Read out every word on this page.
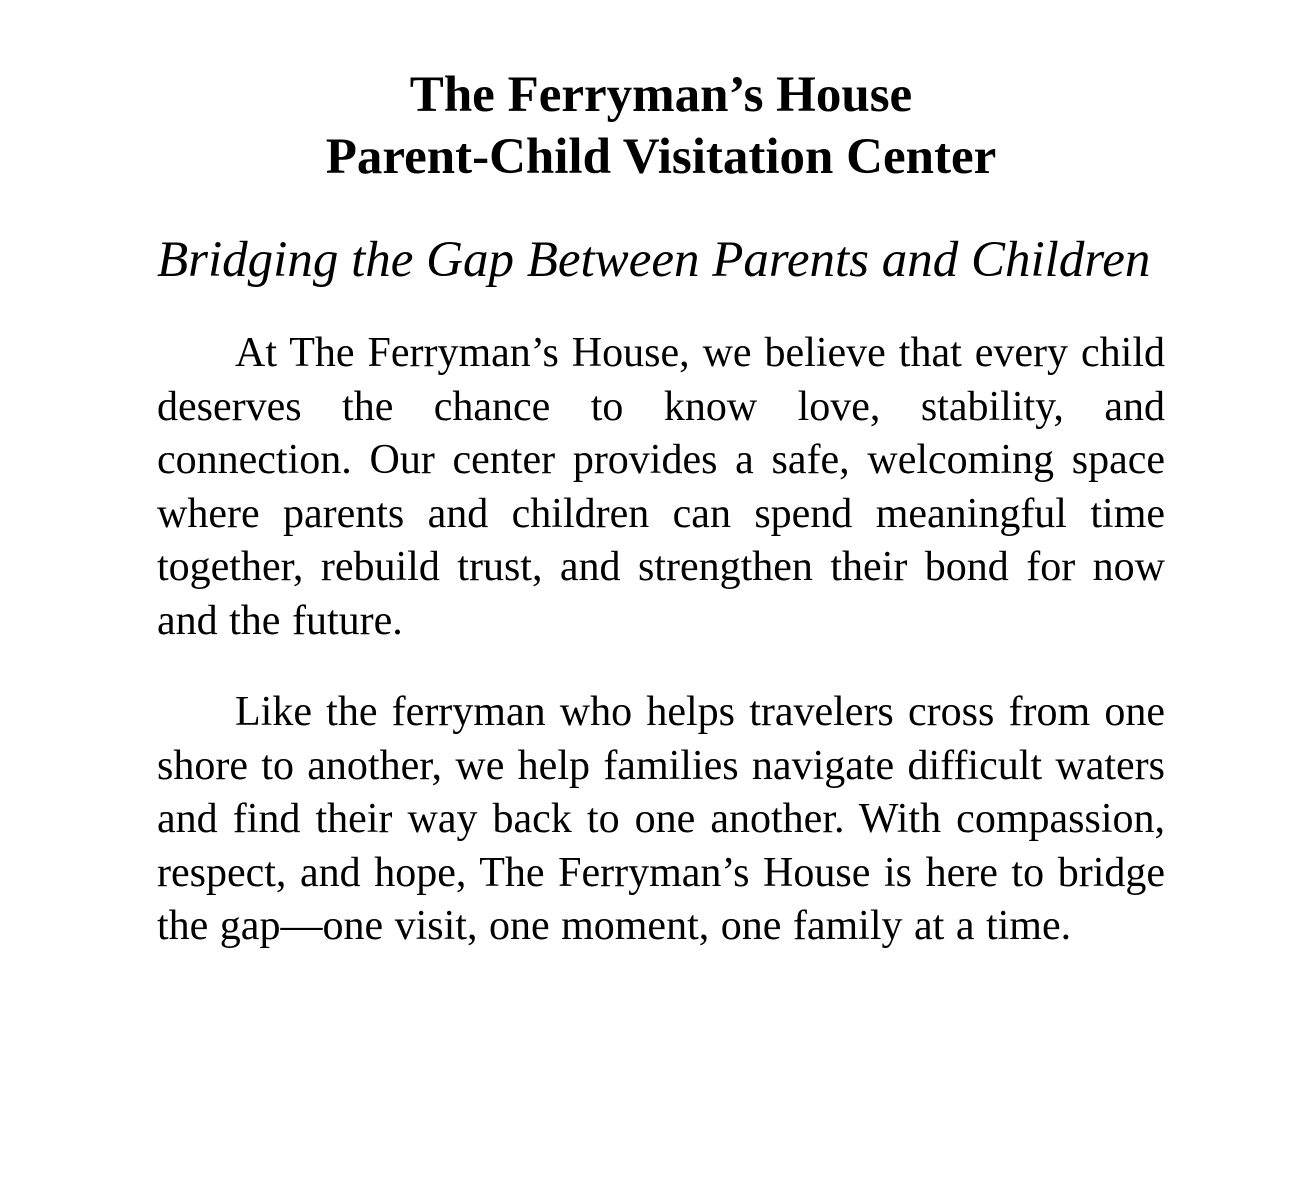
The Ferryman’s House
Parent-Child Visitation Center
Bridging the Gap Between Parents and Children

At The Ferryman’s House, we believe that every child deserves the chance to know love, stability, and connection. Our center provides a safe, welcoming space where parents and children can spend meaningful time together, rebuild trust, and strengthen their bond for now and the future.

Like the ferryman who helps travelers cross from one shore to another, we help families navigate difficult waters and find their way back to one another. With compassion, respect, and hope, The Ferryman’s House is here to bridge the gap—one visit, one moment, one family at a time.
